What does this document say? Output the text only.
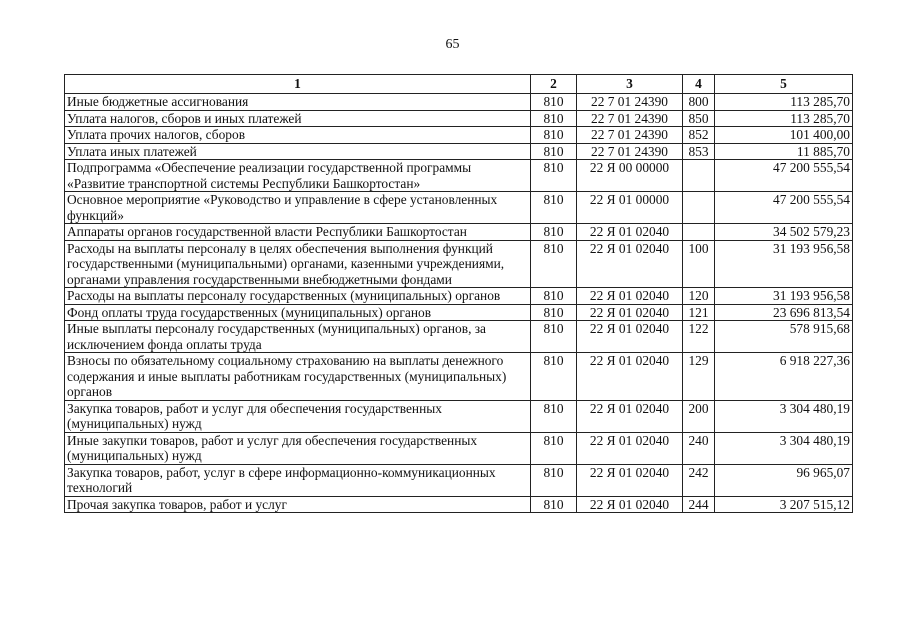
65
1	2	3	4	5
Иные бюджетные ассигнования	810	22 7 01 24390	800	113 285,70
Уплата налогов, сборов и иных платежей	810	22 7 01 24390	850	113 285,70
Уплата прочих налогов, сборов	810	22 7 01 24390	852	101 400,00
Уплата иных платежей	810	22 7 01 24390	853	11 885,70
Подпрограмма «Обеспечение реализации государственной программы «Развитие транспортной системы Республики Башкортостан»	810	22 Я 00 00000		47 200 555,54
Основное мероприятие «Руководство и управление в сфере установленных функций»	810	22 Я 01 00000		47 200 555,54
Аппараты органов государственной власти Республики Башкортостан	810	22 Я 01 02040		34 502 579,23
Расходы на выплаты персоналу в целях обеспечения выполнения функций государственными (муниципальными) органами, казенными учреждениями, органами управления государственными внебюджетными фондами	810	22 Я 01 02040	100	31 193 956,58
Расходы на выплаты персоналу государственных (муниципальных) органов	810	22 Я 01 02040	120	31 193 956,58
Фонд оплаты труда государственных (муниципальных) органов	810	22 Я 01 02040	121	23 696 813,54
Иные выплаты персоналу государственных (муниципальных) органов, за исключением фонда оплаты труда	810	22 Я 01 02040	122	578 915,68
Взносы по обязательному социальному страхованию на выплаты денежного содержания и иные выплаты работникам государственных (муниципальных) органов	810	22 Я 01 02040	129	6 918 227,36
Закупка товаров, работ и услуг для обеспечения государственных (муниципальных) нужд	810	22 Я 01 02040	200	3 304 480,19
Иные закупки товаров, работ и услуг для обеспечения государственных (муниципальных) нужд	810	22 Я 01 02040	240	3 304 480,19
Закупка товаров, работ, услуг в сфере информационно-коммуникационных технологий	810	22 Я 01 02040	242	96 965,07
Прочая закупка товаров, работ и услуг	810	22 Я 01 02040	244	3 207 515,12
